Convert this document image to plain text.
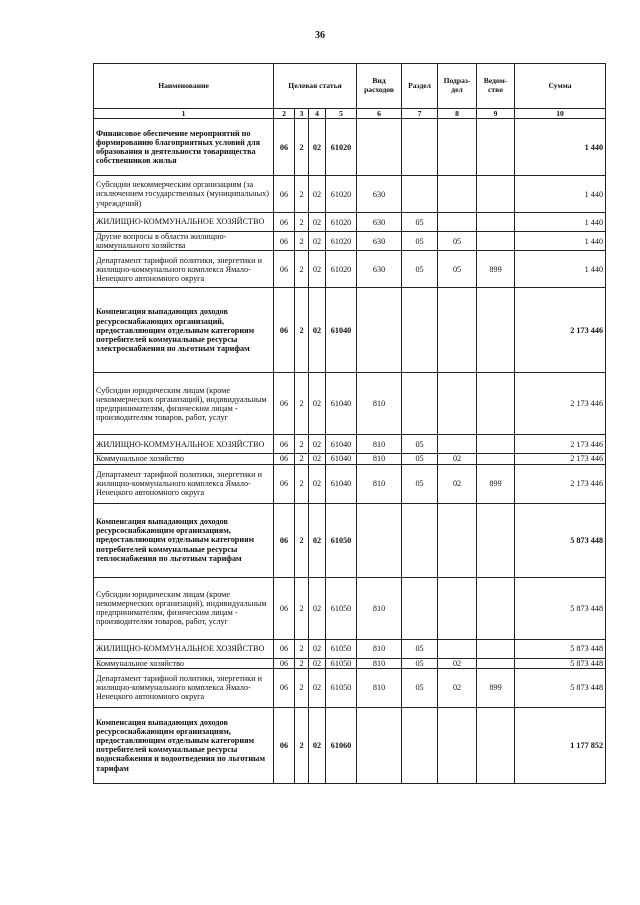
36
Наименование	Целевая статья				Вид расходов	Раздел	Подраз-дел	Ведом-ство	Сумма
1	2	3	4	5	6	7	8	9	10
Финансовое обеспечение мероприятий по формированию благоприятных условий для образования и деятельности товарищества собственников жилья	06	2	02	61020					1 440
Субсидии некоммерческим организациям (за исключением государственных (муниципальных) учреждений)	06	2	02	61020	630				1 440
ЖИЛИЩНО-КОММУНАЛЬНОЕ ХОЗЯЙСТВО	06	2	02	61020	630	05			1 440
Другие вопросы в области жилищно-коммунального хозяйства	06	2	02	61020	630	05	05		1 440
Департамент тарифной политики, энергетики и жилищно-коммунального комплекса Ямало-Ненецкого автономного округа	06	2	02	61020	630	05	05	899	1 440
Компенсация выпадающих доходов ресурсоснабжающих организаций, предоставляющим отдельным категориям потребителей коммунальные ресурсы электроснабжения по льготным тарифам	06	2	02	61040					2 173 446
Субсидии юридическим лицам (кроме некоммерческих организаций), индивидуальным предпринимателям, физическим лицам - производителям товаров, работ, услуг	06	2	02	61040	810				2 173 446
ЖИЛИЩНО-КОММУНАЛЬНОЕ ХОЗЯЙСТВО	06	2	02	61040	810	05			2 173 446
Коммунальное хозяйство	06	2	02	61040	810	05	02		2 173 446
Департамент тарифной политики, энергетики и жилищно-коммунального комплекса Ямало-Ненецкого автономного округа	06	2	02	61040	810	05	02	899	2 173 446
Компенсация выпадающих доходов ресурсоснабжающим организациям, предоставляющим отдельным категориям потребителей коммунальные ресурсы теплоснабжения по льготным тарифам	06	2	02	61050					5 873 448
Субсидии юридическим лицам (кроме некоммерческих организаций), индивидуальным предпринимателям, физическим лицам - производителям товаров, работ, услуг	06	2	02	61050	810				5 873 448
ЖИЛИЩНО-КОММУНАЛЬНОЕ ХОЗЯЙСТВО	06	2	02	61050	810	05			5 873 448
Коммунальное хозяйство	06	2	02	61050	810	05	02		5 873 448
Департамент тарифной политики, энергетики и жилищно-коммунального комплекса Ямало-Ненецкого автономного округа	06	2	02	61050	810	05	02	899	5 873 448
Компенсация выпадающих доходов ресурсоснабжающим организациям, предоставляющим отдельным категориям потребителей коммунальные ресурсы водоснабжения и водоотведения по льготным тарифам	06	2	02	61060					1 177 852
